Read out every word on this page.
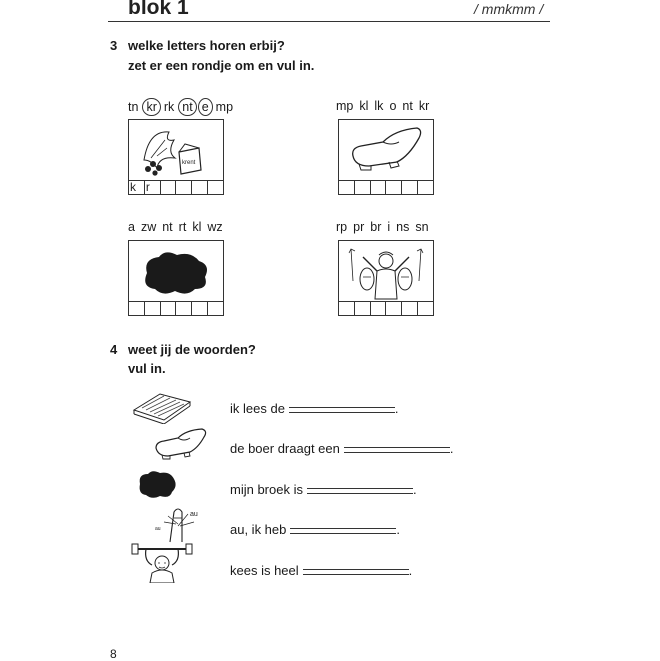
blok 1	/ mmkmm /
3 welke letters horen erbij?
zet er een rondje om en vul in.
tn kr rk nt e mp
krent
k r
mp kl lk o nt kr
a zw nt rt kl wz	rp pr br i ns sn
4 weet jij de woorden?
vul in.
ik lees de	.
de boer draagt een	.
mijn broek is	.
au
au	au, ik heb	.
kees is heel	.
8
